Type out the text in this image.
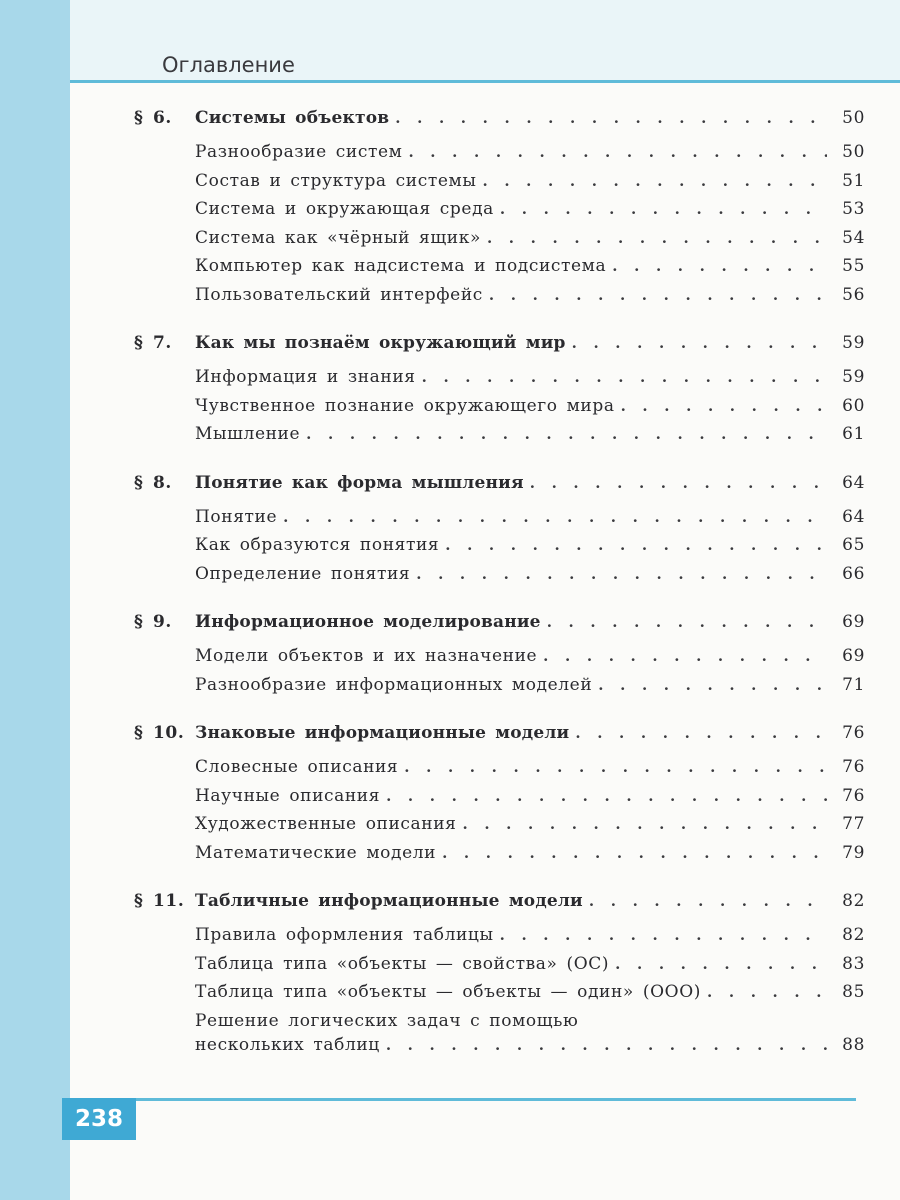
Оглавление
§ 6.	Системы объектов . . .	50
Разнообразие систем . . .	50
Состав и структура системы . . .	51
Система и окружающая среда . . .	53
Система как «чёрный ящик» . . .	54
Компьютер как надсистема и подсистема . . .	55
Пользовательский интерфейс . . .	56
§ 7.	Как мы познаём окружающий мир . . .	59
Информация и знания . . .	59
Чувственное познание окружающего мира . . .	60
Мышление . . .	61
§ 8.	Понятие как форма мышления . . .	64
Понятие . . .	64
Как образуются понятия . . .	65
Определение понятия . . .	66
§ 9.	Информационное моделирование . . .	69
Модели объектов и их назначение . . .	69
Разнообразие информационных моделей . . .	71
§ 10. Знаковые информационные модели . . .	76
Словесные описания . . .	76
Научные описания . . .	76
Художественные описания . . .	77
Математические модели . . .	79
§ 11. Табличные информационные модели . . .	82
Правила оформления таблицы . . .	82
Таблица типа «объекты — свойства» (ОС) . . .	83
Таблица типа «объекты — объекты — один» (ООО) . . .	85
Решение логических задач с помощью
нескольких таблиц . . .	88
238
